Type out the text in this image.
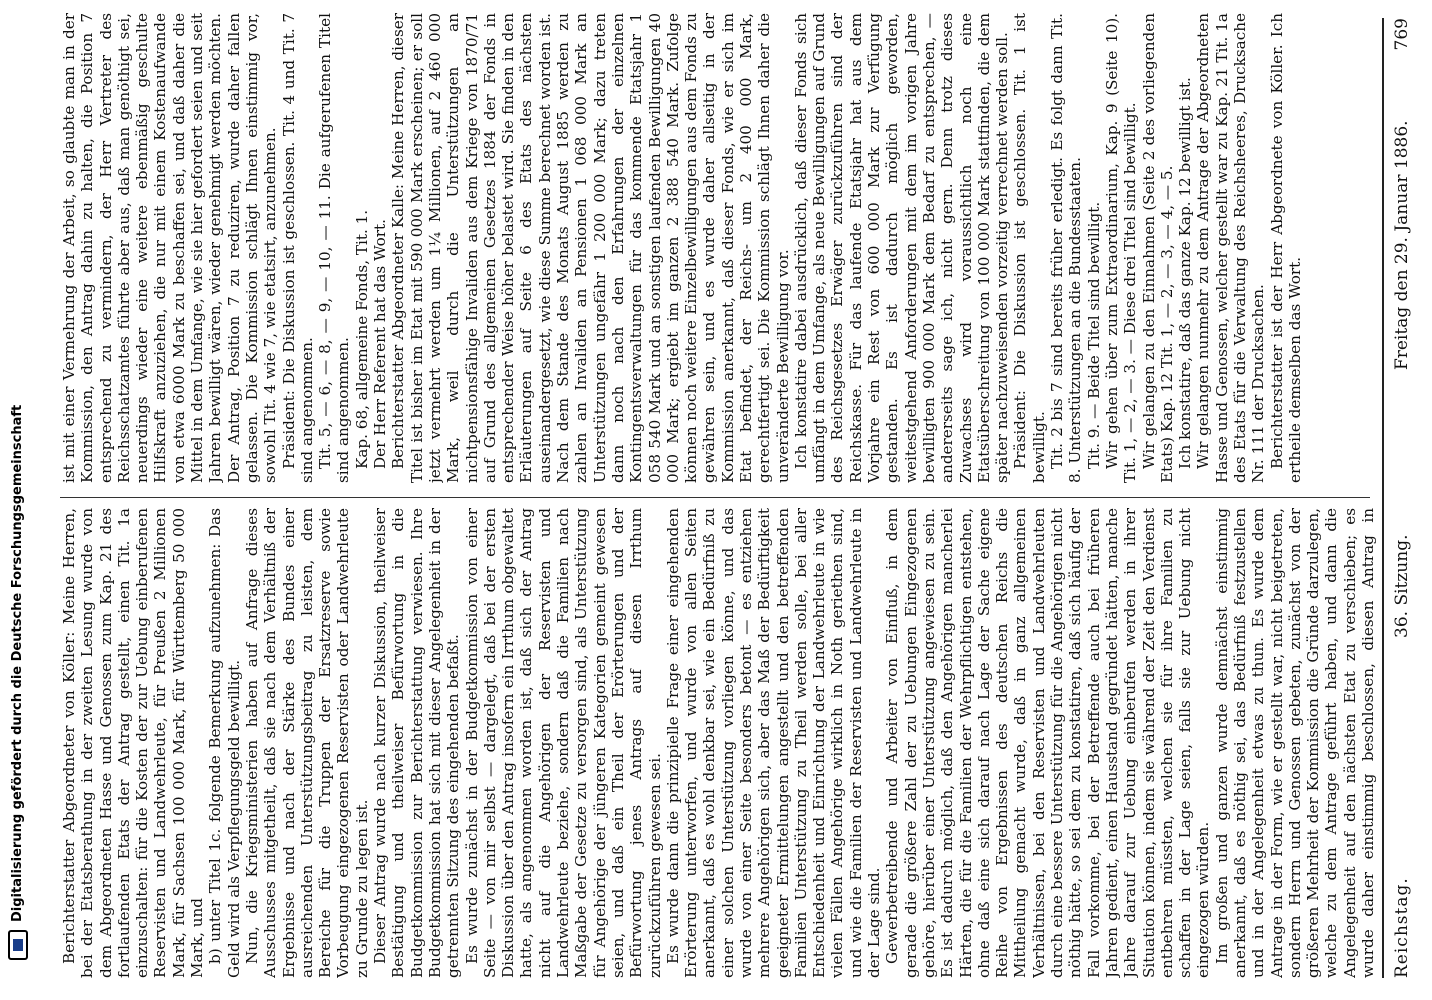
Reichstag.
36. Sitzung.
Freitag den 29. Januar 1886.769

ist mit einer Vermehrung der Arbeit, so glaubte man in der Kommission, den Antrag dahin zu halten, die Position 7 entsprechend zu vermindern, der Herr Vertreter des Reichsschatzamtes führte aber aus, daß man genöthigt sei, neuerdings wieder eine weitere ebenmäßig geschulte Hilfskraft anzuziehen, die nur mit einem Kostenaufwande von etwa 6000 Mark zu beschaffen sei, und daß daher die Mittel in dem Umfange, wie sie hier gefordert seien und seit Jahren bewilligt wären, wieder genehmigt werden möchten. Der Antrag, Position 7 zu reduziren, wurde daher fallen gelassen. Die Kommission schlägt Ihnen einstimmig vor, sowohl Tit. 4 wie 7, wie etatsirt, anzunehmen. Präsident: Die Diskussion ist geschlossen. Tit. 4 und Tit. 7 sind angenommen. Tit. 5, — 6, — 8, — 9, — 10, — 11. Die aufgerufenen Titel sind angenommen. Kap. 68, allgemeine Fonds, Tit. 1. Der Herr Referent hat das Wort. Berichterstatter Abgeordneter Kalle: Meine Herren, dieser Titel ist bisher im Etat mit 590 000 Mark erscheinen; er soll jetzt vermehrt werden um 1¼ Millionen, auf 2 460 000 Mark, weil durch die Unterstützungen an nichtpensionsfähige Invaliden aus dem Kriege von 1870/71 auf Grund des allgemeinen Gesetzes 1884 der Fonds in entsprechender Weise höher belastet wird. Sie finden in den Erläuterungen auf Seite 6 des Etats des nächsten auseinandergesetzt, wie diese Summe berechnet worden ist. Nach dem Stande des Monats August 1885 werden zu zahlen an Invaliden an Pensionen 1 068 000 Mark an Unterstützungen ungefähr 1 200 000 Mark; dazu treten dann noch nach den Erfahrungen der einzelnen Kontingentsverwaltungen für das kommende Etatsjahr 1 058 540 Mark und an sonstigen laufenden Bewilligungen 40 000 Mark; ergiebt im ganzen 2 388 540 Mark. Zufolge können noch weitere Einzelbewilligungen aus dem Fonds zu gewähren sein, und es wurde daher allseitig in der Kommission anerkannt, daß dieser Fonds, wie er sich im Etat befindet, der Reichs- um 2 400 000 Mark, gerechtfertigt sei. Die Kommission schlägt Ihnen daher die unveränderte Bewilligung vor. Ich konstatire dabei ausdrücklich, daß dieser Fonds sich umfängt in dem Umfange, als neue Bewilligungen auf Grund des Reichsgesetzes Erwäger zurückzuführen sind der Reichskasse. Für das laufende Etatsjahr hat aus dem Vorjahre ein Rest von 600 000 Mark zur Verfügung gestanden. Es ist dadurch möglich geworden, weitestgehend Anforderungen mit dem im vorigen Jahre bewilligten 900 000 Mark dem Bedarf zu entsprechen, — andererseits sage ich, nicht gern. Denn trotz dieses Zuwachses wird voraussichtlich noch eine Etatsüberschreitung von 100 000 Mark stattfinden, die dem später nachzuweisenden vorzeitig verrechnet werden soll. Präsident: Die Diskussion ist geschlossen. Tit. 1 ist bewilligt. Tit. 2 bis 7 sind bereits früher erledigt. Es folgt dann Tit. 8. Unterstützungen an die Bundesstaaten. Tit. 9. — Beide Titel sind bewilligt. Wir gehen über zum Extraordinarium, Kap. 9 (Seite 10). Tit. 1, — 2, — 3. — Diese drei Titel sind bewilligt. Wir gelangen zu den Einnahmen (Seite 2 des vorliegenden Etats) Kap. 12 Tit. 1, — 2, — 3, — 4, — 5. Ich konstatire, daß das ganze Kap. 12 bewilligt ist. Wir gelangen nunmehr zu dem Antrage der Abgeordneten Hasse und Genossen, welcher gestellt war zu Kap. 21 Tit. 1a des Etats für die Verwaltung des Reichsheeres, Drucksache Nr. 111 der Drucksachen. Berichterstatter ist der Herr Abgeordnete von Köller. Ich ertheile demselben das Wort.

Berichterstatter Abgeordneter von Köller: Meine Herren, bei der Etatsberathung in der zweiten Lesung wurde von dem Abgeordneten Hasse und Genossen zum Kap. 21 des fortlaufenden Etats der Antrag gestellt, einen Tit. 1a einzuschalten: für die Kosten der zur Uebung einberufenen Reservisten und Landwehrleute, für Preußen 2 Millionen Mark, für Sachsen 100 000 Mark, für Württemberg 50 000 Mark, und b) unter Titel 1c. folgende Bemerkung aufzunehmen: Das Geld wird als Verpflegungsgeld bewilligt. Nun, die Kriegsministerien haben auf Anfrage dieses Ausschusses mitgetheilt, daß sie nach dem Verhältniß der Ergebnisse und nach der Stärke des Bundes einer ausreichenden Unterstützungsbeitrag zu leisten, dem Bereiche für die Truppen der Ersatzreserve sowie Vorbeugung eingezogenen Reservisten oder Landwehrleute zu Grunde zu legen ist. Dieser Antrag wurde nach kurzer Diskussion, theilweiser Bestätigung und theilweiser Befürwortung in die Budgetkommission zur Berichterstattung verwiesen. Ihre Budgetkommission hat sich mit dieser Angelegenheit in der getrennten Sitzung des eingehenden befaßt. Es wurde zunächst in der Budgetkommission von einer Seite — von mir selbst — dargelegt, daß bei der ersten Diskussion über den Antrag insofern ein Irrthum obgewaltet hatte, als angenommen worden ist, daß sich der Antrag nicht auf die Angehörigen der Reservisten und Landwehrleute beziehe, sondern daß die Familien nach Maßgabe der Gesetze zu versorgen sind, als Unterstützung für Angehörige der jüngeren Kategorien gemeint gewesen seien, und daß ein Theil der Erörterungen und der Befürwortung jenes Antrags auf diesen Irrthum zurückzuführen gewesen sei. Es wurde dann die prinzipielle Frage einer eingehenden Erörterung unterworfen, und wurde von allen Seiten anerkannt, daß es wohl denkbar sei, wie ein Bedürfniß zu einer solchen Unterstützung vorliegen könne, und das wurde von einer Seite besonders betont — es entziehen mehrere Angehörigen sich, aber das Maß der Bedürftigkeit geeigneter Ermittelungen angestellt und den betreffenden Familien Unterstützung zu Theil werden solle, bei aller Entschiedenheit und Einrichtung der Landwehrleute in wie vielen Fällen Angehörige wirklich in Noth geriethen sind, und wie die Familien der Reservisten und Landwehrleute in der Lage sind. Gewerbetreibende und Arbeiter von Einfluß, in dem gerade die größere Zahl der zu Uebungen Eingezogenen gehöre, hierüber einer Unterstützung angewiesen zu sein. Es ist dadurch möglich, daß den Angehörigen mancherlei Härten, die für die Familien der Wehrpflichtigen entstehen, ohne daß eine sich darauf nach Lage der Sache eigene Reihe von Ergebnissen des deutschen Reichs die Mittheilung gemacht wurde, daß in ganz allgemeinen Verhältnissen, bei den Reservisten und Landwehrleuten durch eine bessere Unterstützung für die Angehörigen nicht nöthig hätte, so sei dem zu konstatiren, daß sich häufig der Fall vorkomme, bei der Betreffende auch bei früheren Jahren gedient, einen Hausstand gegründet hätten, manche Jahre darauf zur Uebung einberufen werden in ihrer Situation können, indem sie während der Zeit den Verdienst entbehren müssten, welchen sie für ihre Familien zu schaffen in der Lage seien, falls sie zur Uebung nicht eingezogen würden. Im großen und ganzen wurde demnächst einstimmig anerkannt, daß es nöthig sei, das Bedürfniß festzustellen und in der Angelegenheit etwas zu thun. Es wurde dem Antrage in der Form, wie er gestellt war, nicht beigetreten, sondern Herrn und Genossen gebeten, zunächst von der größeren Mehrheit der Kommission die Gründe darzulegen, welche zu dem Antrage geführt haben, und dann die Angelegenheit auf den nächsten Etat zu verschieben; es wurde daher einstimmig beschlossen, diesen Antrag in

Digitalisierung gefördert durch die Deutsche Forschungsgemeinschaft
